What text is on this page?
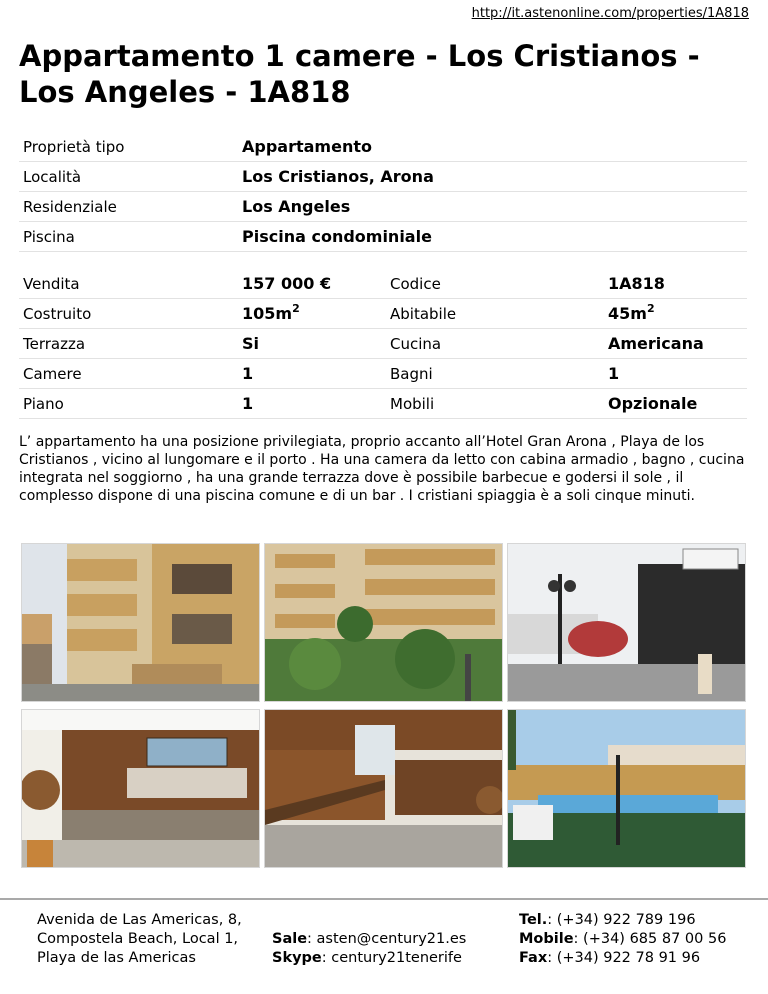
http://it.astenonline.com/properties/1A818
Appartamento 1 camere - Los Cristianos - Los Angeles - 1A818
Proprietà tipo	Appartamento
Località	Los Cristianos, Arona
Residenziale	Los Angeles
Piscina	Piscina condominiale
Vendita	157 000 €	Codice	1A818
Costruito	$105m^2$	Abitabile	$45m^2$
Terrazza	Si	Cucina	Americana
Camere	1	Bagni	1
Piano	1	Mobili	Opzionale

L’ appartamento ha una posizione privilegiata, proprio accanto all’Hotel Gran Arona , Playa de los Cristianos , vicino al lungomare e il porto . Ha una camera da letto con cabina armadio , bagno , cucina integrata nel soggiorno , ha una grande terrazza dove è possibile barbecue e godersi il sole , il complesso dispone di una piscina comune e di un bar . I cristiani spiaggia è a soli cinque minuti.

Avenida de Las Americas, 8,
Compostela Beach, Local 1,
Playa de las Americas
Sale: asten@century21.es
Skype: century21tenerife
Tel.: (+34) 922 789 196
Mobile: (+34) 685 87 00 56
Fax: (+34) 922 78 91 96
